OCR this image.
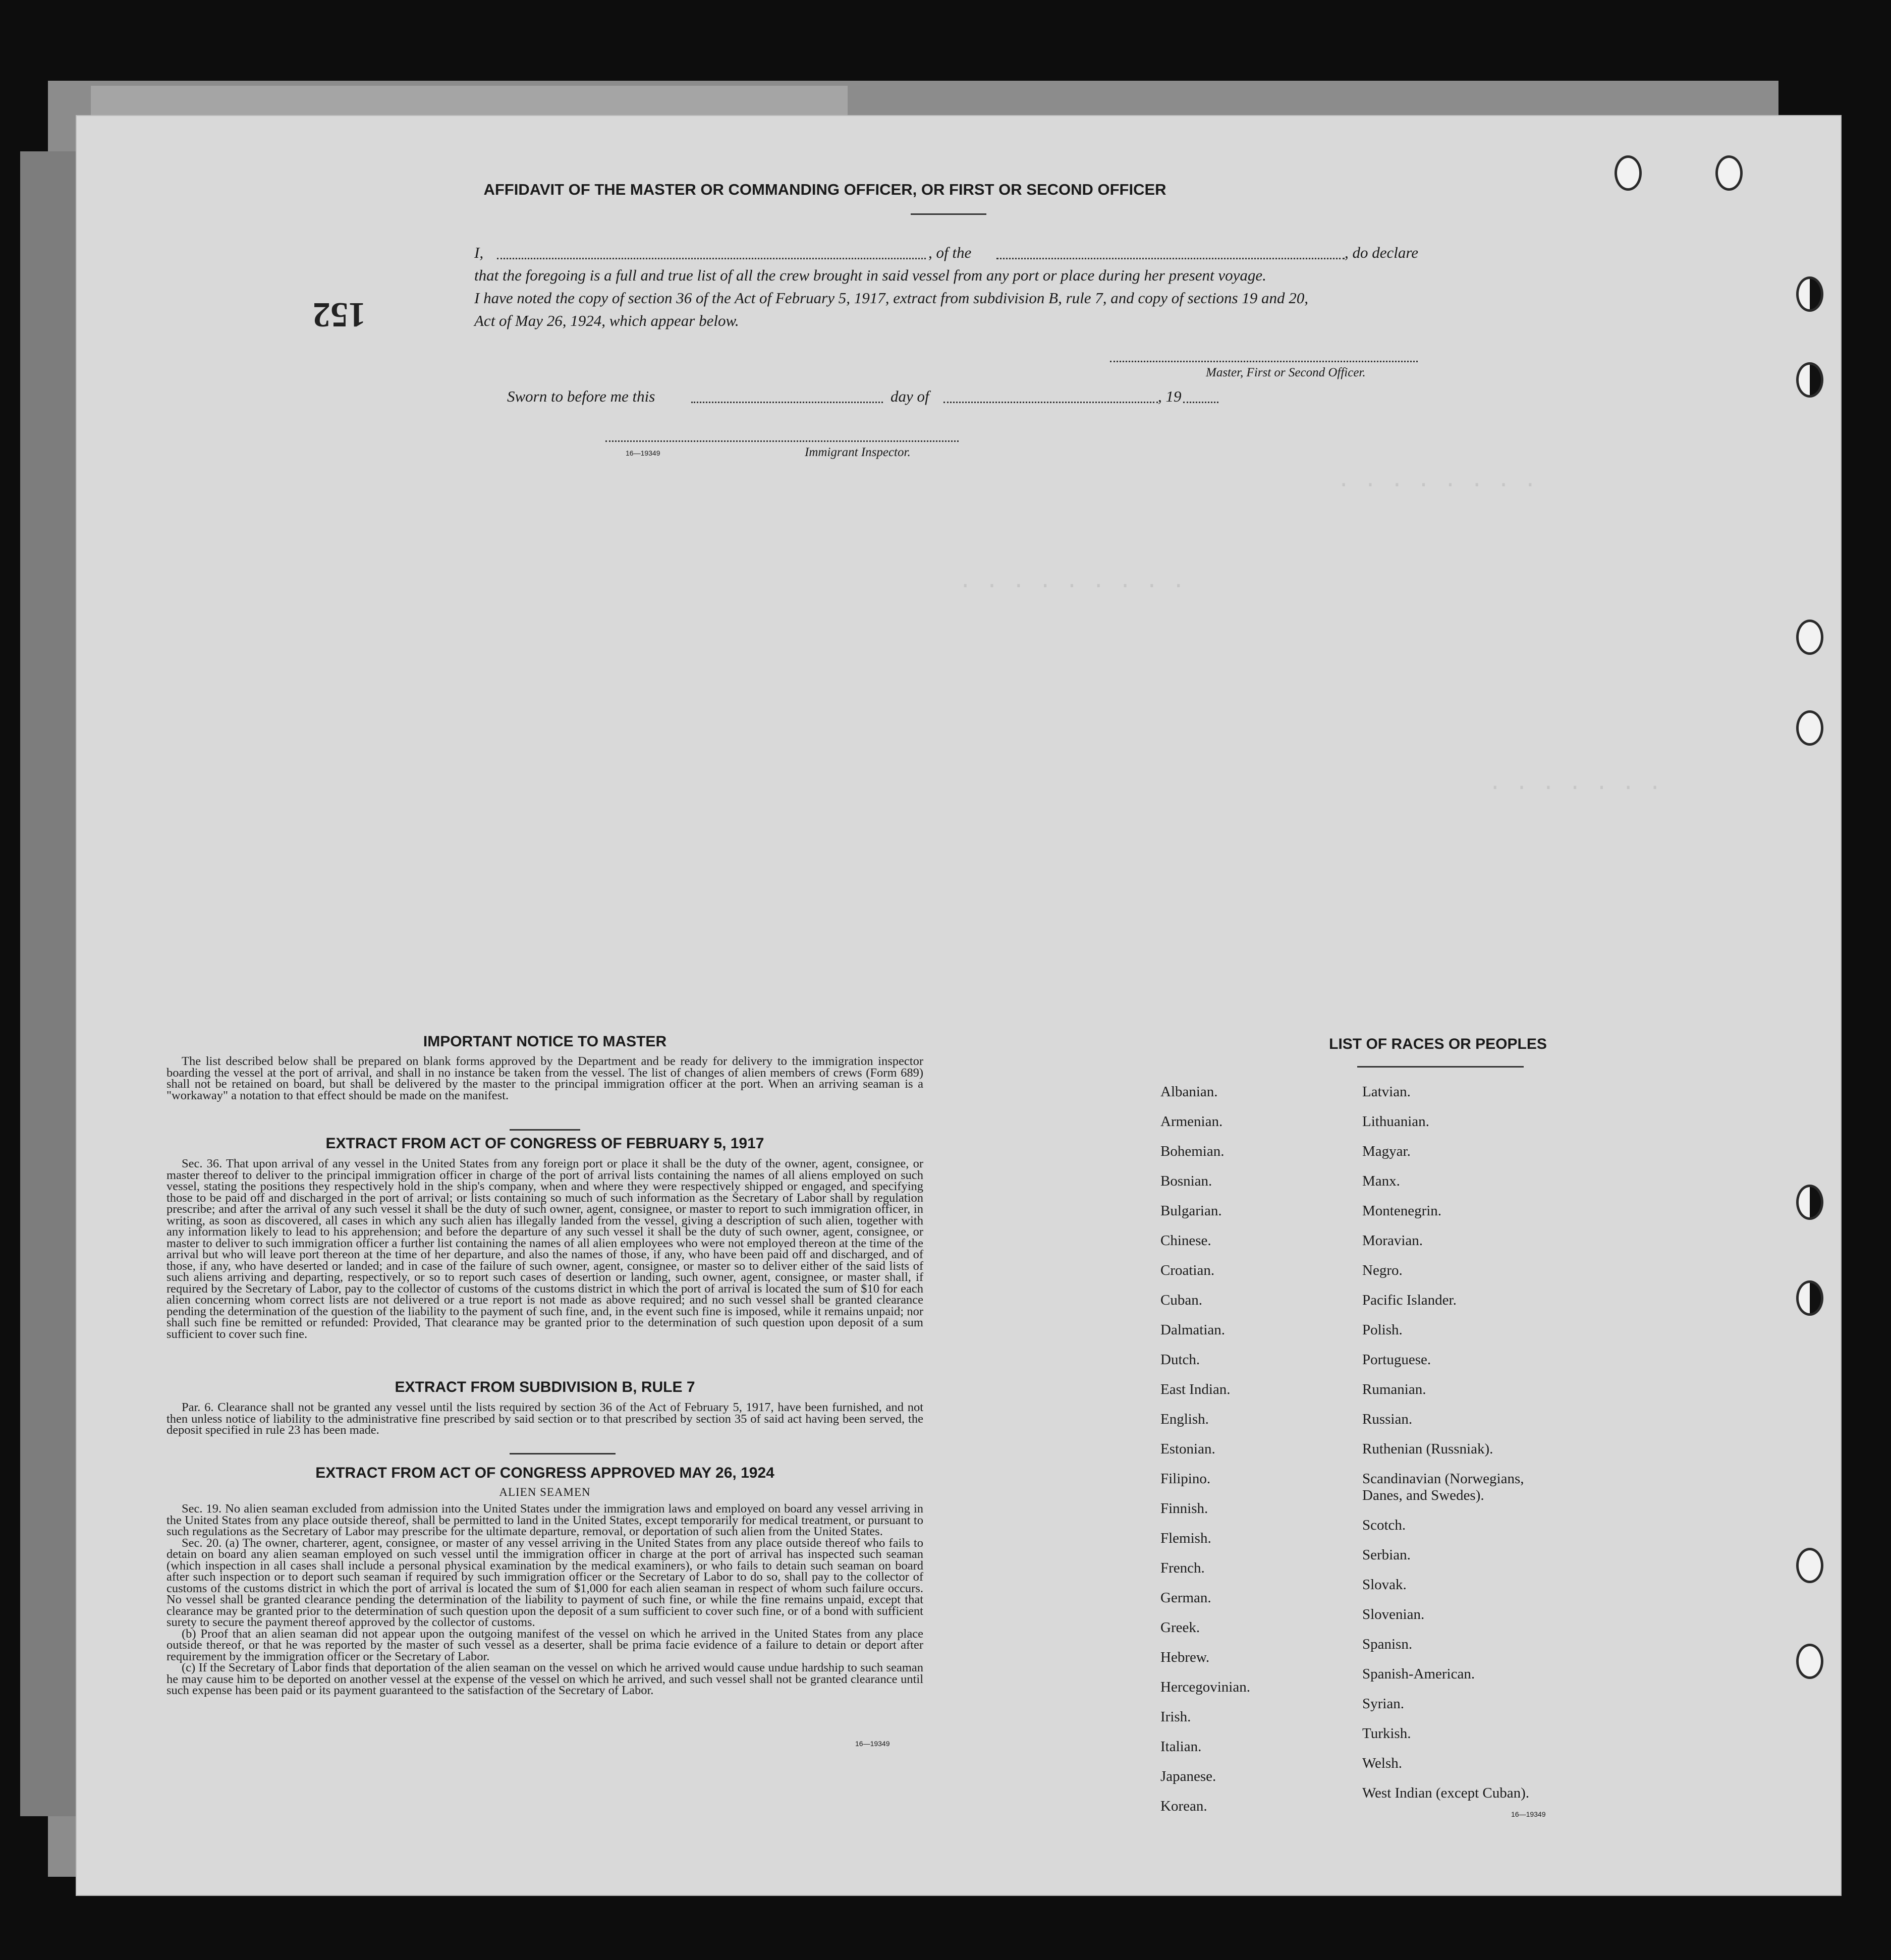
. . . . . . . .
. . . . . . . . .
. . . . . . .
152
AFFIDAVIT OF THE MASTER OR COMMANDING OFFICER, OR FIRST OR SECOND OFFICER
I,	, of the	, do declare
that the foregoing is a full and true list of all the crew brought in said vessel from any port or place during her present voyage.
I have noted the copy of section 36 of the Act of February 5, 1917, extract from subdivision B, rule 7, and copy of sections 19 and 20,
Act of May 26, 1924, which appear below.
Master, First or Second Officer.
Sworn to before me this	day of	, 19
16—19349	Immigrant Inspector.
IMPORTANT NOTICE TO MASTER

The list described below shall be prepared on blank forms approved by the Department and be ready for delivery to the immigration inspector boarding the vessel at the port of arrival, and shall in no instance be taken from the vessel. The list of changes of alien members of crews (Form 689) shall not be retained on board, but shall be delivered by the master to the principal immigration officer at the port. When an arriving seaman is a "workaway" a notation to that effect should be made on the manifest.

EXTRACT FROM ACT OF CONGRESS OF FEBRUARY 5, 1917

Sec. 36. That upon arrival of any vessel in the United States from any foreign port or place it shall be the duty of the owner, agent, consignee, or master thereof to deliver to the principal immigration officer in charge of the port of arrival lists containing the names of all aliens employed on such vessel, stating the positions they respectively hold in the ship's company, when and where they were respectively shipped or engaged, and specifying those to be paid off and discharged in the port of arrival; or lists containing so much of such information as the Secretary of Labor shall by regulation prescribe; and after the arrival of any such vessel it shall be the duty of such owner, agent, consignee, or master to report to such immigration officer, in writing, as soon as discovered, all cases in which any such alien has illegally landed from the vessel, giving a description of such alien, together with any information likely to lead to his apprehension; and before the departure of any such vessel it shall be the duty of such owner, agent, consignee, or master to deliver to such immigration officer a further list containing the names of all alien employees who were not employed thereon at the time of the arrival but who will leave port thereon at the time of her departure, and also the names of those, if any, who have been paid off and discharged, and of those, if any, who have deserted or landed; and in case of the failure of such owner, agent, consignee, or master so to deliver either of the said lists of such aliens arriving and departing, respectively, or so to report such cases of desertion or landing, such owner, agent, consignee, or master shall, if required by the Secretary of Labor, pay to the collector of customs of the customs district in which the port of arrival is located the sum of $10 for each alien concerning whom correct lists are not delivered or a true report is not made as above required; and no such vessel shall be granted clearance pending the determination of the question of the liability to the payment of such fine, and, in the event such fine is imposed, while it remains unpaid; nor shall such fine be remitted or refunded: Provided, That clearance may be granted prior to the determination of such question upon deposit of a sum sufficient to cover such fine.

EXTRACT FROM SUBDIVISION B, RULE 7

Par. 6. Clearance shall not be granted any vessel until the lists required by section 36 of the Act of February 5, 1917, have been furnished, and not then unless notice of liability to the administrative fine prescribed by said section or to that prescribed by section 35 of said act having been served, the deposit specified in rule 23 has been made.

EXTRACT FROM ACT OF CONGRESS APPROVED MAY 26, 1924
ALIEN SEAMEN

Sec. 19. No alien seaman excluded from admission into the United States under the immigration laws and employed on board any vessel arriving in the United States from any place outside thereof, shall be permitted to land in the United States, except temporarily for medical treatment, or pursuant to such regulations as the Secretary of Labor may prescribe for the ultimate departure, removal, or deportation of such alien from the United States.

Sec. 20. (a) The owner, charterer, agent, consignee, or master of any vessel arriving in the United States from any place outside thereof who fails to detain on board any alien seaman employed on such vessel until the immigration officer in charge at the port of arrival has inspected such seaman (which inspection in all cases shall include a personal physical examination by the medical examiners), or who fails to detain such seaman on board after such inspection or to deport such seaman if required by such immigration officer or the Secretary of Labor to do so, shall pay to the collector of customs of the customs district in which the port of arrival is located the sum of $1,000 for each alien seaman in respect of whom such failure occurs. No vessel shall be granted clearance pending the determination of the liability to payment of such fine, or while the fine remains unpaid, except that clearance may be granted prior to the determination of such question upon the deposit of a sum sufficient to cover such fine, or of a bond with sufficient surety to secure the payment thereof approved by the collector of customs.

(b) Proof that an alien seaman did not appear upon the outgoing manifest of the vessel on which he arrived in the United States from any place outside thereof, or that he was reported by the master of such vessel as a deserter, shall be prima facie evidence of a failure to detain or deport after requirement by the immigration officer or the Secretary of Labor.

(c) If the Secretary of Labor finds that deportation of the alien seaman on the vessel on which he arrived would cause undue hardship to such seaman he may cause him to be deported on another vessel at the expense of the vessel on which he arrived, and such vessel shall not be granted clearance until such expense has been paid or its payment guaranteed to the satisfaction of the Secretary of Labor.

16—19349
LIST OF RACES OR PEOPLES
16—19349
Albanian.
Armenian.
Bohemian.
Bosnian.
Bulgarian.
Chinese.
Croatian.
Cuban.
Dalmatian.
Dutch.
East Indian.
English.
Estonian.
Filipino.
Finnish.
Flemish.
French.
German.
Greek.
Hebrew.
Hercegovinian.
Irish.
Italian.
Japanese.
Korean.
Latvian.
Lithuanian.
Magyar.
Manx.
Montenegrin.
Moravian.
Negro.
Pacific Islander.
Polish.
Portuguese.
Rumanian.
Russian.
Ruthenian (Russniak).
Scandinavian (Norwegians,
Danes, and Swedes).
Scotch.
Serbian.
Slovak.
Slovenian.
Spanisn.
Spanish-American.
Syrian.
Turkish.
Welsh.
West Indian (except Cuban).
